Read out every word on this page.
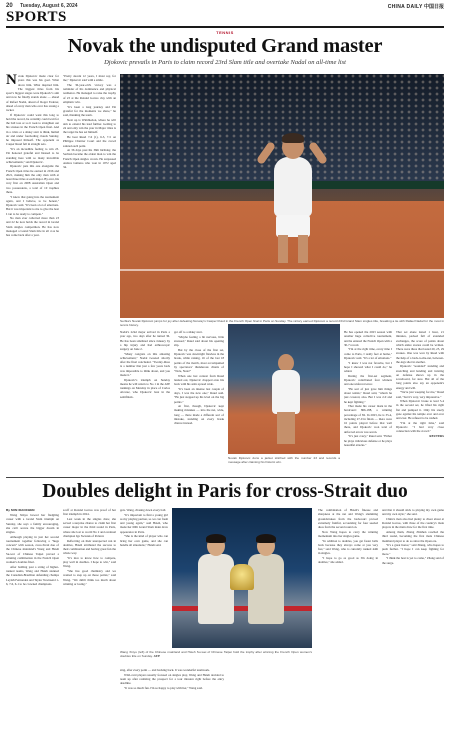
20 Tuesday, August 6, 2024	CHINA DAILY 中国日报
SPORTS
TENNIS
Novak the undisputed Grand master
Djokovic prevails in Paris to claim record 23rd Slam title and overtake Nadal on all-time list

Novak Djokovic made clear for years this was his goal. What drove him. What inspired him. The biggest titles from his sport's biggest stages were Djokovic's aim and now he finally stands alone — ahead of Rafael Nadal, ahead of Roger Federer, ahead of every man who ever has swung a racket.

If Djokovic could want this long to hold the record, he certainly could wait for the ball toss or so it took to straighten out his strokes in the French Open final. And in a crisis or a shaky start is think, humid air and under foreboding clouds Sunday, he imposed himself. The opponent as Casper Ruud fell in straight sets.

"It's an incredible feeling to win 23. I'm honored grateful and blessed to be standing here with so many incredible achievements," said Djokovic.

Djokovic puts this one alongside the French Open titles he earned in 2016 and 2021, making him the only man with at least three titles at each major. By ever, his very first on 2008 Australian Open and two possessions, a total of 10 trophies there.

"I knew that going into the tournament again, and I believe, to be honest," Djokovic said. "It's been a lot of emotions. But it was important to me to give the best I can to be ready to compete."

No man ever collected more than 23 and 22 he now holds the record in Grand Slam singles competition. He has now managed a Grand Slam title in all 4 as he has come back after a year.

"Pretty decent 12 years, I must say, for me," Djokovic said with a smile.

The 36-year-old's victory was a reminder of his dominance and physical resilience. He managed to raise the trophy of 23 at the Roland Garros clay with an emphatic win.

"It's been a long journey and I'm grateful for the moments we share," he said, thanking the team.

Next up is Wimbledon, where he will aim to extend his lead further. Getting to 24 and only win the year in Major titles is the target he has set himself.

He beat Ruud 7-6 (1), 6-3, 7-5 on Philippe Chatrier Court and the crowd saluted each point.

At 36 days past his 36th birthday, the Serbian became the oldest man to win the French Open singles crown. He surpassed Andres Gimeno who won in 1972 aged 34.

Serbia's Novak Djokovic jumps for joy after defeating Norway's Casper Ruud in the French Open final in Paris on Sunday. The victory earned Djokovic a record 23rd Grand Slam singles title, breaking a tie with Rafael Nadal for the most in tennis history.

Nadal's 22nd major arrived in Paris a year ago, two days after he turned 36. He has been sidelined since January by a hip injury and had arthroscopic surgery on June 2.

"Many congrats on this amazing achievement," Nadal tweeted shortly after the final concluded. "Twenty-three is a number that just a few years back was impossible to think about, and you made it."

Djokovic's triumph on Sunday means he will return to No 1 in the ATP rankings on Monday in place of Carlos Alcaraz, who Djokovic beat in the semifinals.

got off to a shaky start.

"Maybe feeling a bit nervous, little stressed," Ruud said about his opening slip.

But by the close of the first set, Djokovic was downright flawless in the break, while raising, 16 of the last 18 points of the match, most accompanied by spectators' thunderous chants of "Nole, Nole!"

When one last contest from Ruud landed out, Djokovic dropped onto his back with his arms spread wide.

"It's been an intense last couple of days, I was the new one," Ruud said. "He just stepped up his level on the big points."

At first, though, Djokovic kept making mistakes — into the net, wide, long — there made a different sort of mistake, standing on every break chance instead.

Novak Djokovic dons a jacket stitched with the number 23 and records a message after claiming his historic win.

He has opened the 2023 season with another huge collective tournament, and he entered the French Open with a 30-7 record.

"I'm at the right time, every time I come to Paris, I really feel at home," Djokovic said. "It's a lot of emotions."

"I knew I was not favorite, but I hope I showed what I could do," he added.

During the first-set segment, Djokovic contributed four winners and one unforced error.

"He sort of just gave him things about tennis," Ruud said, "whom he just covered, also. But I was 2-0 and he kept fighting."

That made his career mark in the hardcourt: 866-188, a winning percentage of 82. In 2023, he is 35-4, including 27-0 in finals — there were 16 points played before that well there, and Djokovic won total of unforced errors was seven.

"It's just crazy," Ruud said. "Either he plays ridiculous defense or he plays beautiful attacks."

That set alone lasted 1 hour, 21 minutes, packed full of extended exchanges, the score of points about which entire stories could be written. There were three that lasted 20, 25, 29 strokes. One was won by Ruud with the help of a back-to-the-net, between-the-legs shot in another.

Djokovic "sounded" standing and stretching and bending and twisting on defense shows up in the scoreboard, for sure. But all of the long points also say an opponent's energy and will.

"We're just weeping for me," Ruud said, "but it's very, very impressive."

When Djokovic broke to lead 5-4 in the second set, he lifted his right fist and pumped it. Only his steely gaze against his temple ever and ever and ever. He refused to be rushed.

"I'm at the right time," said Djokovic. "I had very close connection with the crowd."

REUTERS

Doubles delight in Paris for cross-Strait duo

By SUN XIAOCHEN

Wang Xinyu bowed her fledgling career with a Grand Slam triumph on Sunday, she says a family encouraging, she can't secure the bigger dream in singles.

Although playing in just her second tournament together following a "huge concern" with season, cross-Strait duo of the Chinese mainland's Wang and Hsieh Su-wei of Chinese Taipei proved a winning combination in the French Open women's doubles final.

After battling past a string of higher-ranked teams, Wang and Hsieh stunned the Canadian-Brazilian defending champs Leylah Fernandez and Taylor Townsend 1-6, 7-6, 6-1 to be crowned champions.

scoff at Roland Garros was proof of her first triumph in 2024.

Last week in the singles draw, she served a surprise chance to claim her first career major in the third round in Paris, where she lost to world No 2 and eventual champion Iga Swiatek of Poland.

Reflecting on their unexpected run in doubles, Hsieh attributed the success to their combination and having great fun the whole way.

"It's nice to know how to compete, play well in doubles. I hope to win," said Wang.

"She has good chemistry and we wanted to step up on those points," said Wang. "We didn't think too much about winning or losing."

Wang Xinyu (left) of the Chinese mainland and Hsieh Su-wei of Chinese Taipei hold the trophy after winning the French Open women's doubles title on Sunday. AFP

gets. Wang, chasing down every ball.

"It's important to find a young girl as my playing partner, so we can fresh and young again," said Hsieh, who made her 60th Grand Slam main draw appearance in Paris.

"She is the kind of player who can bring her own game, and she can handle all situations," Hsieh said.

sing, after every point — and backing back. It was wonderful teamwork.

Wild-card players usually focused on singles play, Wang and Hsieh decided to team up after realizing the prospect for a tour mission right before the entry deadline.

"It was so much fun. I'm so happy to play with her," Wang said.

The combination of Hsieh's finesse and sharpness at the net and Wang's slamming groundstrokes from the backcourt proved extremely fruitful, accounting for four seeded duos from the second round on.

Now Wang hopes to carry the winning momentum into her singles game.

"In addition to doubles, you get faster balls back because they always come at you very fast," said Wang, who is currently ranked 44th in singles.

"I hope to go as good as I'm doing in doubles," she added.

and that it should stick to playing my own game and my own style," she said.

China's men also had plenty to cheer about at Roland Garros, with three of the country's male players in the main draw for the first time.

Among them, Zhang Zhizhen reached the third round, becoming the first male Chinese mainland player to do so since the Open era.

"It's a great honor," said Zhang, who hopes to push further. "I hope I can keep fighting for more."

"I think the best is yet to come," Zhang said of the surge.
